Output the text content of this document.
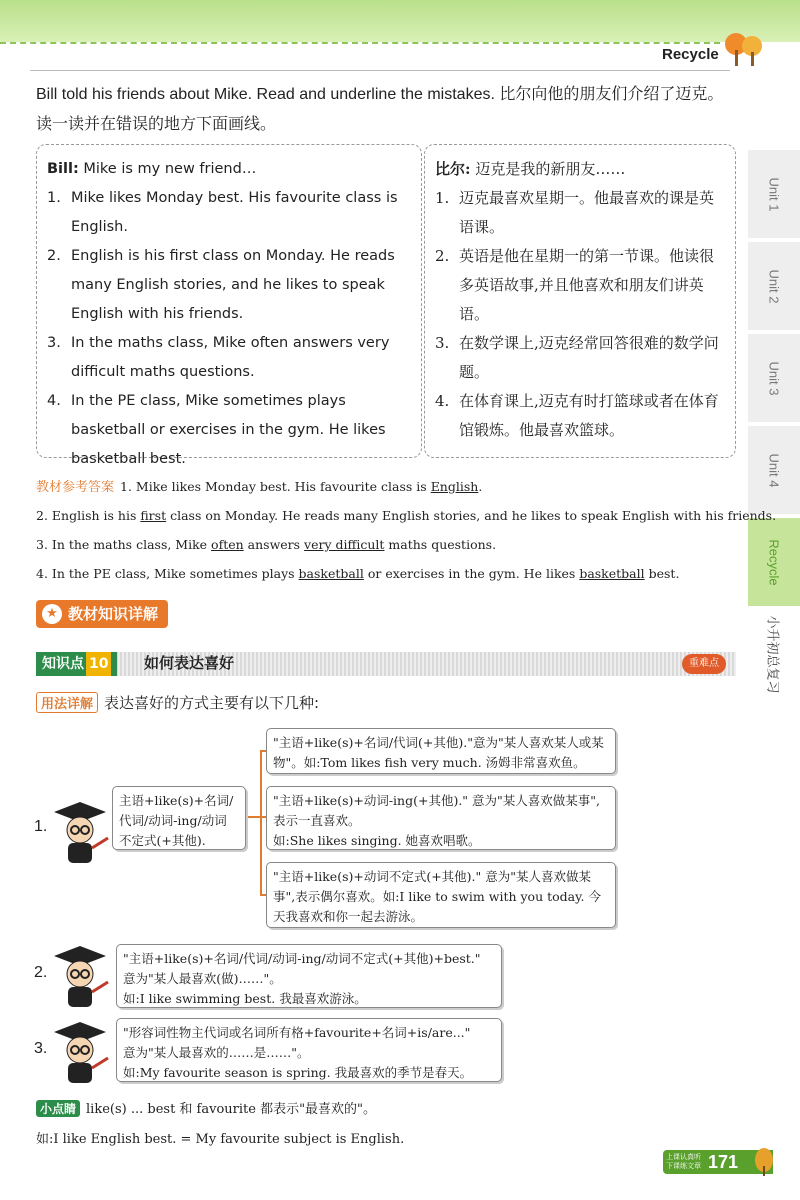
Recycle
Bill told his friends about Mike. Read and underline the mistakes. 比尔向他的朋友们介绍了迈克。 读一读并在错误的地方下面画线。
Bill: Mike is my new friend…
1. Mike likes Monday best. His favourite class is English.
2. English is his first class on Monday. He reads many English stories, and he likes to speak English with his friends.
3. In the maths class, Mike often answers very difficult maths questions.
4. In the PE class, Mike sometimes plays basketball or exercises in the gym. He likes basketball best.
比尔: 迈克是我的新朋友……
1. 迈克最喜欢星期一。他最喜欢的课是英语课。
2. 英语是他在星期一的第一节课。他读很多英语故事,并且他喜欢和朋友们讲英语。
3. 在数学课上,迈克经常回答很难的数学问题。
4. 在体育课上,迈克有时打篮球或者在体育馆锻炼。他最喜欢篮球。
Unit 1
Unit 2
Unit 3
Unit 4
Recycle
小升初总复习
教材参考答案 1. Mike likes Monday best. His favourite class is English.
2. English is his first class on Monday. He reads many English stories, and he likes to speak English with his friends.
3. In the maths class, Mike often answers very difficult maths questions.
4. In the PE class, Mike sometimes plays basketball or exercises in the gym. He likes basketball best.
★ 教材知识详解
知识点 10	如何表达喜好	重难点
用法详解 表达喜好的方式主要有以下几种:
1.
主语+like(s)+名词/代词/动词-ing/动词不定式(+其他).
"主语+like(s)+名词/代词(+其他)."意为"某人喜欢某人或某物"。如:Tom likes fish very much. 汤姆非常喜欢鱼。
"主语+like(s)+动词-ing(+其他)." 意为"某人喜欢做某事",表示一直喜欢。
如:She likes singing. 她喜欢唱歌。
"主语+like(s)+动词不定式(+其他)." 意为"某人喜欢做某事",表示偶尔喜欢。如:I like to swim with you today. 今天我喜欢和你一起去游泳。
2.
"主语+like(s)+名词/代词/动词-ing/动词不定式(+其他)+best."
意为"某人最喜欢(做)……"。
如:I like swimming best. 我最喜欢游泳。
3.
"形容词性物主代词或名词所有格+favourite+名词+is/are..."
意为"某人最喜欢的……是……"。
如:My favourite season is spring. 我最喜欢的季节是春天。
小点睛 like(s) ... best 和 favourite 都表示"最喜欢的"。
如:I like English best. = My favourite subject is English.
上课认真听 下课练文章 171
